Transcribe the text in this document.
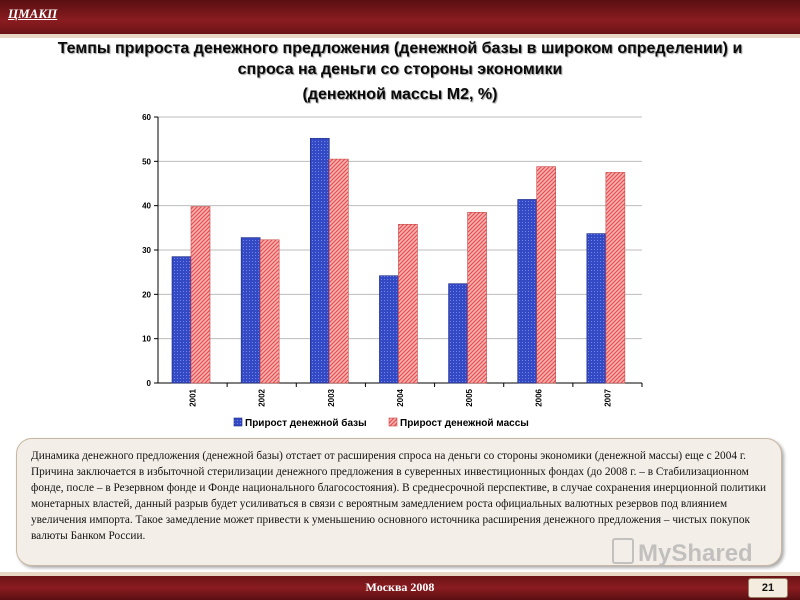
ЦМАКП
Темпы прироста денежного предложения (денежной базы в широком определении) и
спроса на деньги со стороны экономики
(денежной массы М2, %)
0
10
20
30
40
50
60
2001	2002	2003	2004	2005	2006	2007
Прирост денежной базы	Прирост денежной массы
Динамика денежного предложения (денежной базы) отстает от расширения спроса на деньги со стороны экономики (денежной массы) еще с 2004 г. Причина заключается в избыточной стерилизации денежного предложения в суверенных инвестиционных фондах (до 2008 г. – в Стабилизационном фонде, после – в Резервном фонде и Фонде национального благосостояния). В среднесрочной перспективе, в случае сохранения инерционной политики монетарных властей, данный разрыв будет усиливаться в связи с вероятным замедлением роста официальных валютных резервов под влиянием увеличения импорта. Такое замедление может привести к уменьшению основного источника расширения денежного предложения – чистых покупок валюты Банком России.
MyShared
Москва 2008	21
